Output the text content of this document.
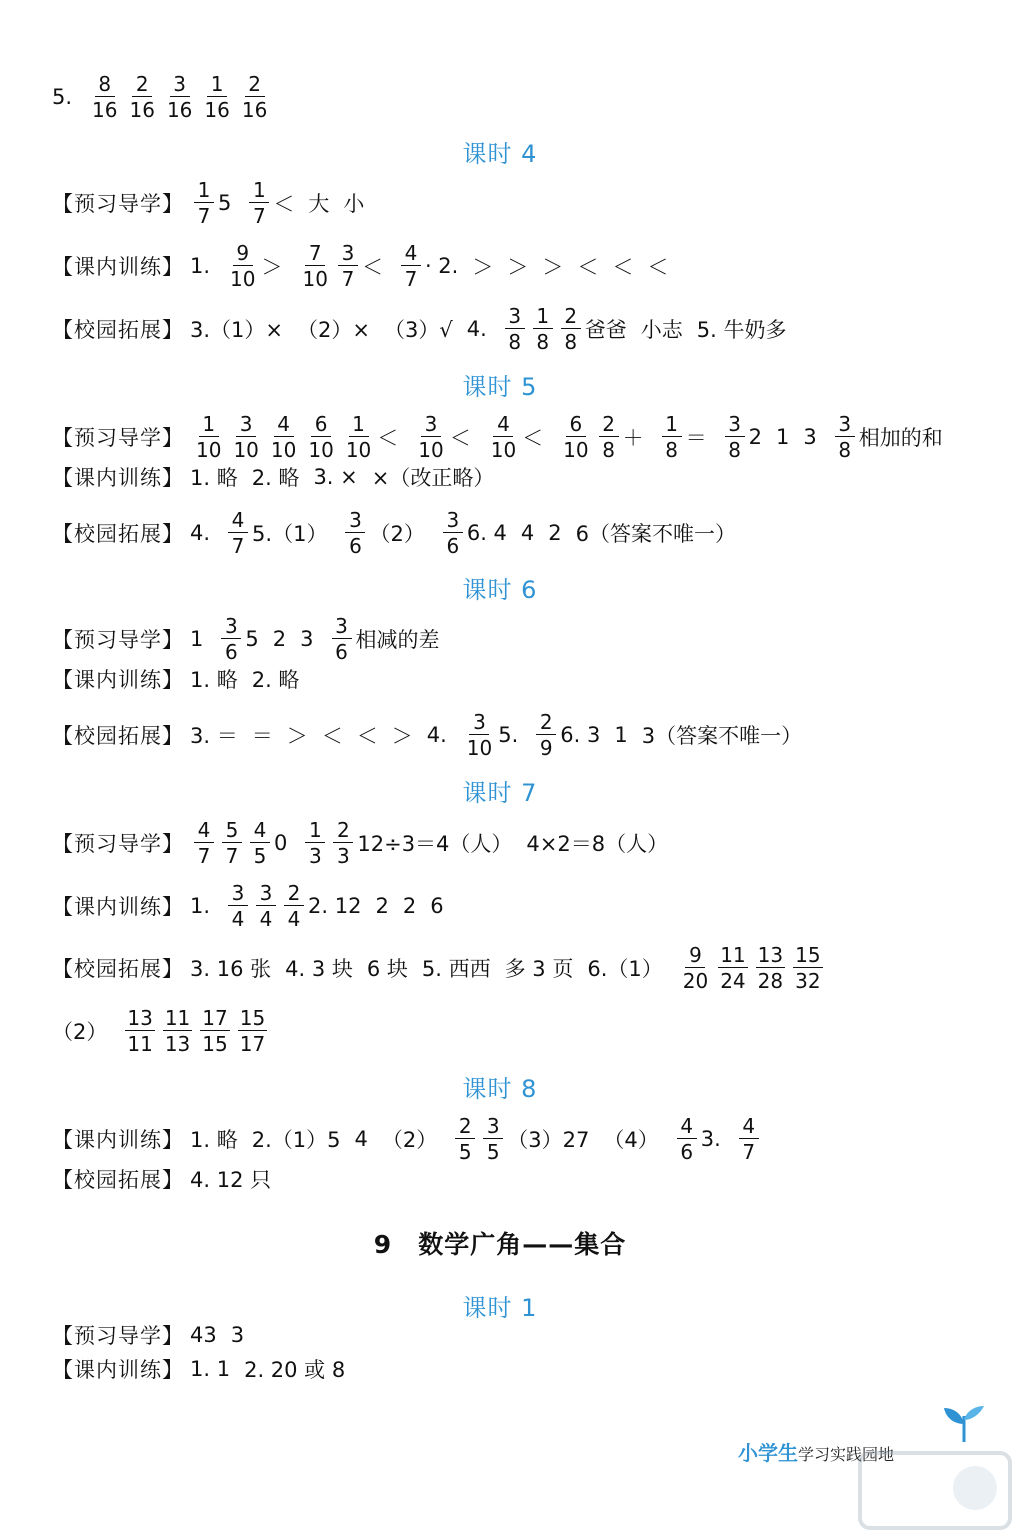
5. $\frac{8}{16} \frac{2}{16} \frac{3}{16} \frac{1}{16} \frac{2}{16}$
课时 4
【预习导学】 $\frac{1}{7} 5 \frac{1}{7}$ ＜ 大 小
【课内训练】 1. $\frac{9}{10} > \frac{7}{10} \frac{3}{7} < \frac{4}{7} \cdot 2$. ＞ ＞ ＞ ＜ ＜ ＜
【校园拓展】 3.（1）× （2）× （3）√ 4. $\frac{3}{8} \frac{1}{8} \frac{2}{8}$ 爸爸 小志 5. 牛奶多
课时 5
【预习导学】 $\frac{1}{10} \frac{3}{10} \frac{4}{10} \frac{6}{10} \frac{1}{10} < \frac{3}{10} < \frac{4}{10} < \frac{6}{10} \frac{2}{8} + \frac{1}{8} = \frac{3}{8} 2$ 1 $3 \frac{3}{8}$ 相加的和
【课内训练】 1. 略 2. 略 3. × ×（改正略）
【校园拓展】 4. $\frac{4}{7} 5.(1) \frac{3}{6} (2) \frac{3}{6} 6$. 4 4 2 6（答案不唯一）
课时 6
【预习导学】 $1 \frac{3}{6} 5$ 2 $3 \frac{3}{6}$ 相减的差
【课内训练】 1. 略 2. 略
【校园拓展】 3. ＝ ＝ ＞ ＜ ＜ ＞ 4. $\frac{3}{10} 5$. $\frac{2}{9} 6$. 3 1 3（答案不唯一）
课时 7
【预习导学】 $\frac{4}{7} \frac{5}{7} \frac{4}{5} 0 \frac{1}{3} \frac{2}{3} 12\div 3=4$（人） 4×2＝8（人）
【课内训练】 1. $\frac{3}{4} \frac{3}{4} \frac{2}{4} 2$. 12 2 2 6
【校园拓展】 3. 16 张 4. 3 块 6 块 5. 西西 多 3 页 $6.(1) \frac{9}{20} \frac{11}{24} \frac{13}{28} \frac{15}{32}$
$(2) \frac{13}{11} \frac{11}{13} \frac{17}{15} \frac{15}{17}$
课时 8
【课内训练】 1. 略 2.（1）5 4 $(2) \frac{2}{5} \frac{3}{5} (3)27$ $(4) \frac{4}{6} 3$. $\frac{4}{7}$
【校园拓展】 4. 12 只
9　数学广角——集合
课时 1
【预习导学】 43 3
【课内训练】 1. 1 2. 20 或 8
小学生学习实践园地
